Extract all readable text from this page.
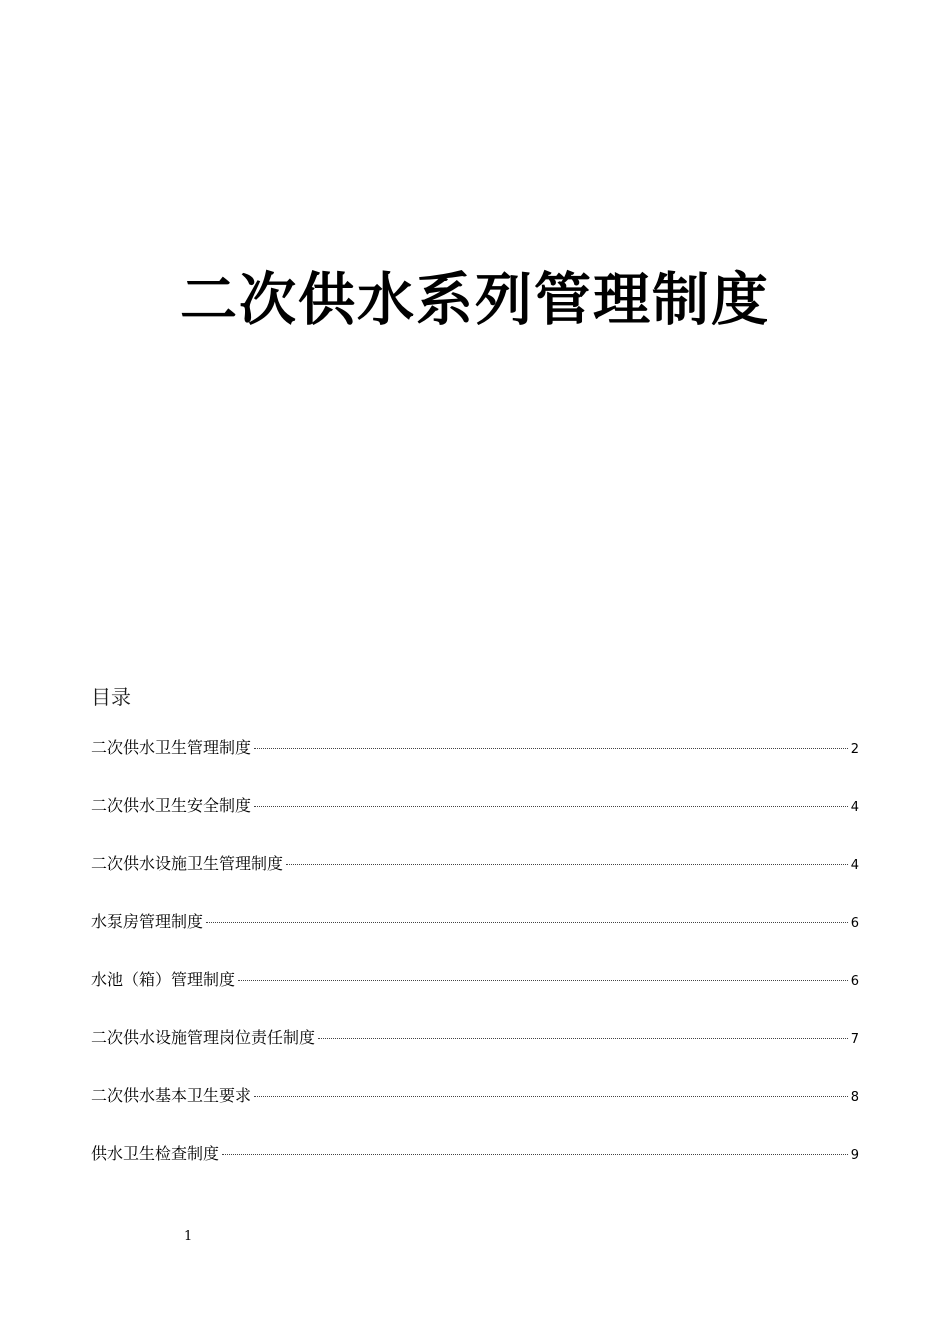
二次供水系列管理制度
目录
二次供水卫生管理制度	2
二次供水卫生安全制度	4
二次供水设施卫生管理制度	4
水泵房管理制度	6
水池（箱）管理制度	6
二次供水设施管理岗位责任制度	7
二次供水基本卫生要求	8
供水卫生检查制度	9
1
